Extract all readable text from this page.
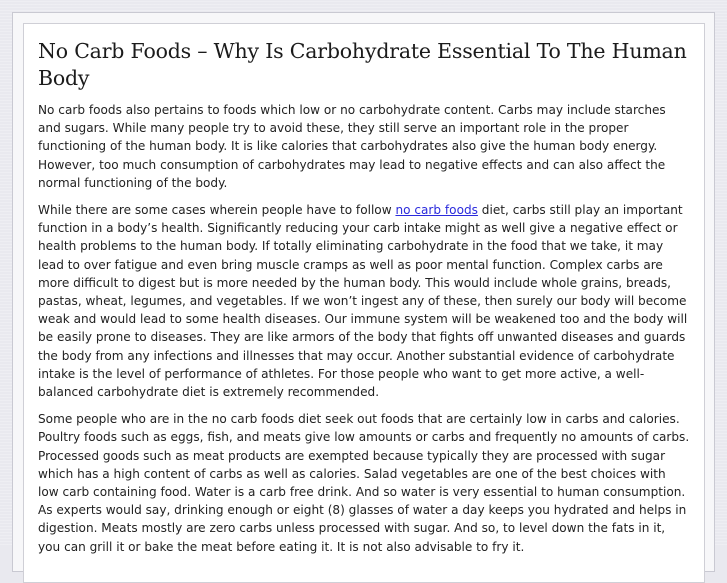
No Carb Foods – Why Is Carbohydrate Essential To The Human Body

No carb foods also pertains to foods which low or no carbohydrate content. Carbs may include starches and sugars. While many people try to avoid these, they still serve an important role in the proper functioning of the human body. It is like calories that carbohydrates also give the human body energy. However, too much consumption of carbohydrates may lead to negative effects and can also affect the normal functioning of the body.

While there are some cases wherein people have to follow no carb foods diet, carbs still play an important function in a body’s health. Significantly reducing your carb intake might as well give a negative effect or health problems to the human body. If totally eliminating carbohydrate in the food that we take, it may lead to over fatigue and even bring muscle cramps as well as poor mental function. Complex carbs are more difficult to digest but is more needed by the human body. This would include whole grains, breads, pastas, wheat, legumes, and vegetables. If we won’t ingest any of these, then surely our body will become weak and would lead to some health diseases. Our immune system will be weakened too and the body will be easily prone to diseases. They are like armors of the body that fights off unwanted diseases and guards the body from any infections and illnesses that may occur. Another substantial evidence of carbohydrate intake is the level of performance of athletes. For those people who want to get more active, a well- balanced carbohydrate diet is extremely recommended.

Some people who are in the no carb foods diet seek out foods that are certainly low in carbs and calories. Poultry foods such as eggs, fish, and meats give low amounts or carbs and frequently no amounts of carbs. Processed goods such as meat products are exempted because typically they are processed with sugar which has a high content of carbs as well as calories. Salad vegetables are one of the best choices with low carb containing food. Water is a carb free drink. And so water is very essential to human consumption. As experts would say, drinking enough or eight (8) glasses of water a day keeps you hydrated and helps in digestion. Meats mostly are zero carbs unless processed with sugar. And so, to level down the fats in it, you can grill it or bake the meat before eating it. It is not also advisable to fry it.
